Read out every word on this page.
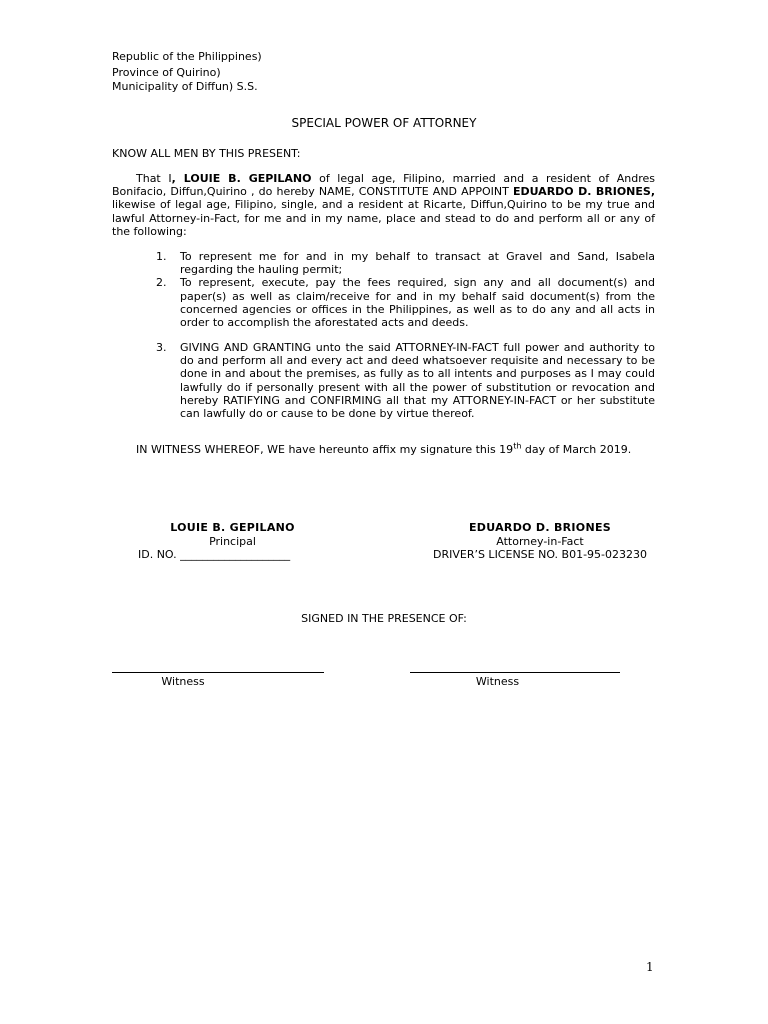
Republic of the Philippines)
Province of Quirino)
Municipality of Diffun) S.S.
SPECIAL POWER OF ATTORNEY
KNOW ALL MEN BY THIS PRESENT:
That I, LOUIE B. GEPILANO of legal age, Filipino, married and a resident of Andres Bonifacio, Diffun,Quirino , do hereby NAME, CONSTITUTE AND APPOINT EDUARDO D. BRIONES, likewise of legal age, Filipino, single, and a resident at Ricarte, Diffun,Quirino to be my true and lawful Attorney-in-Fact, for me and in my name, place and stead to do and perform all or any of the following:
1. To represent me for and in my behalf to transact at Gravel and Sand, Isabela regarding the hauling permit;
2. To represent, execute, pay the fees required, sign any and all document(s) and paper(s) as well as claim/receive for and in my behalf said document(s) from the concerned agencies or offices in the Philippines, as well as to do any and all acts in order to accomplish the aforestated acts and deeds.
3. GIVING AND GRANTING unto the said ATTORNEY-IN-FACT full power and authority to do and perform all and every act and deed whatsoever requisite and necessary to be done in and about the premises, as fully as to all intents and purposes as I may could lawfully do if personally present with all the power of substitution or revocation and hereby RATIFYING and CONFIRMING all that my ATTORNEY-IN-FACT or her substitute can lawfully do or cause to be done by virtue thereof.
IN WITNESS WHEREOF, WE have hereunto affix my signature this 19th day of March 2019.
LOUIE B. GEPILANO
Principal
ID. NO. ____________________
EDUARDO D. BRIONES
Attorney-in-Fact
DRIVER’S LICENSE NO. B01-95-023230
SIGNED IN THE PRESENCE OF:
Witness	Witness
1
